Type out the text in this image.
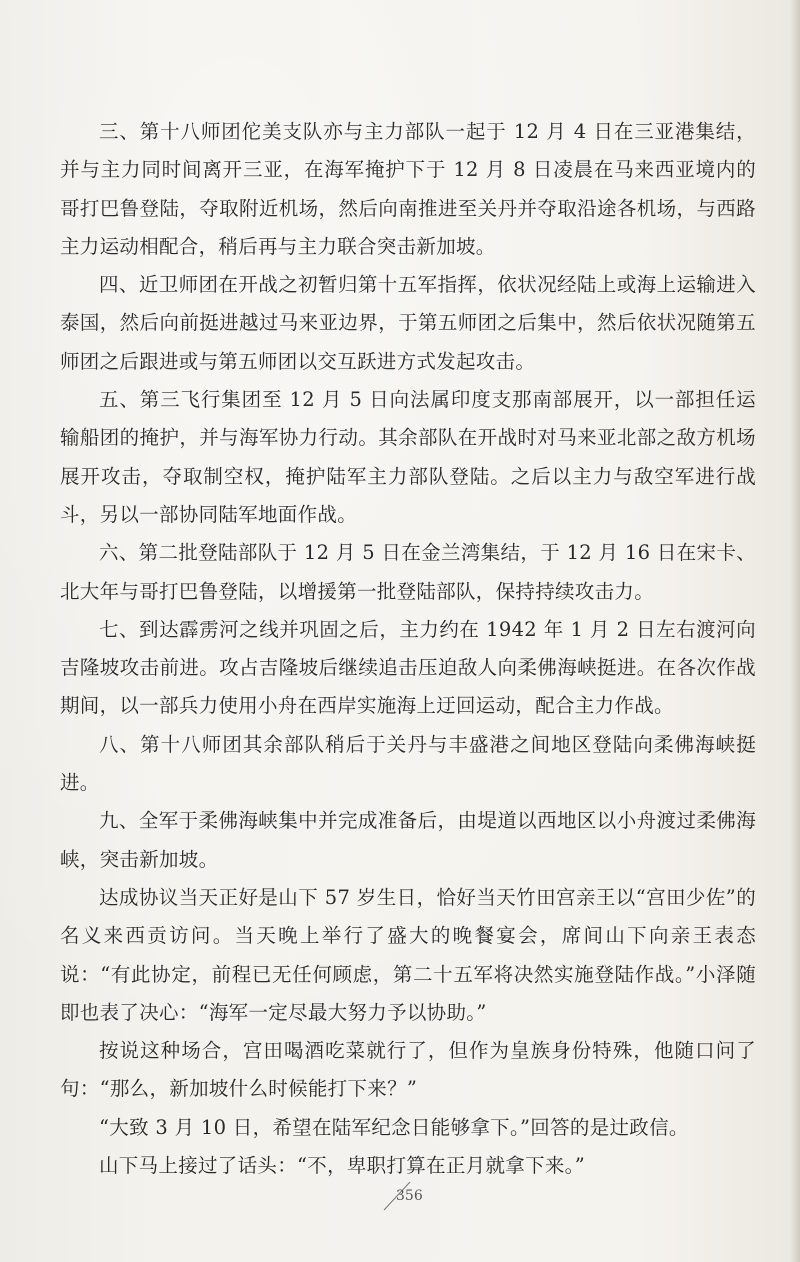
三、第十八师团佗美支队亦与主力部队一起于 12 月 4 日在三亚港集结，并与主力同时间离开三亚，在海军掩护下于 12 月 8 日凌晨在马来西亚境内的哥打巴鲁登陆，夺取附近机场，然后向南推进至关丹并夺取沿途各机场，与西路主力运动相配合，稍后再与主力联合突击新加坡。

四、近卫师团在开战之初暂归第十五军指挥，依状况经陆上或海上运输进入泰国，然后向前挺进越过马来亚边界，于第五师团之后集中，然后依状况随第五师团之后跟进或与第五师团以交互跃进方式发起攻击。

五、第三飞行集团至 12 月 5 日向法属印度支那南部展开，以一部担任运输船团的掩护，并与海军协力行动。其余部队在开战时对马来亚北部之敌方机场展开攻击，夺取制空权，掩护陆军主力部队登陆。之后以主力与敌空军进行战斗，另以一部协同陆军地面作战。

六、第二批登陆部队于 12 月 5 日在金兰湾集结，于 12 月 16 日在宋卡、北大年与哥打巴鲁登陆，以增援第一批登陆部队，保持持续攻击力。

七、到达霹雳河之线并巩固之后，主力约在 1942 年 1 月 2 日左右渡河向吉隆坡攻击前进。攻占吉隆坡后继续追击压迫敌人向柔佛海峡挺进。在各次作战期间，以一部兵力使用小舟在西岸实施海上迂回运动，配合主力作战。

八、第十八师团其余部队稍后于关丹与丰盛港之间地区登陆向柔佛海峡挺进。

九、全军于柔佛海峡集中并完成准备后，由堤道以西地区以小舟渡过柔佛海峡，突击新加坡。

达成协议当天正好是山下 57 岁生日，恰好当天竹田宫亲王以“宫田少佐”的名义来西贡访问。当天晚上举行了盛大的晚餐宴会，席间山下向亲王表态说：“有此协定，前程已无任何顾虑，第二十五军将决然实施登陆作战。”小泽随即也表了决心：“海军一定尽最大努力予以协助。”

按说这种场合，宫田喝酒吃菜就行了，但作为皇族身份特殊，他随口问了句：“那么，新加坡什么时候能打下来？”

“大致 3 月 10 日，希望在陆军纪念日能够拿下。”回答的是辻政信。

山下马上接过了话头：“不，卑职打算在正月就拿下来。”

356
